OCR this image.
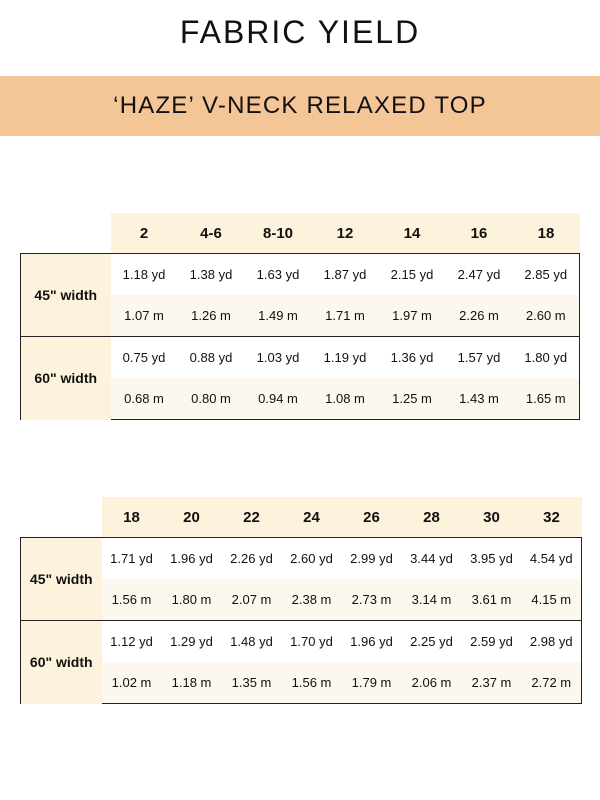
FABRIC YIELD
‘HAZE’ V-NECK RELAXED TOP
	2	4-6	8-10	12	14	16	18
45" width	1.18 yd	1.38 yd	1.63 yd	1.87 yd	2.15 yd	2.47 yd	2.85 yd
	1.07 m	1.26 m	1.49 m	1.71 m	1.97 m	2.26 m	2.60 m
60" width	0.75 yd	0.88 yd	1.03 yd	1.19 yd	1.36 yd	1.57 yd	1.80 yd
	0.68 m	0.80 m	0.94 m	1.08 m	1.25 m	1.43 m	1.65 m
	18	20	22	24	26	28	30	32
45" width	1.71 yd	1.96 yd	2.26 yd	2.60 yd	2.99 yd	3.44 yd	3.95 yd	4.54 yd
	1.56 m	1.80 m	2.07 m	2.38 m	2.73 m	3.14 m	3.61 m	4.15 m
60" width	1.12 yd	1.29 yd	1.48 yd	1.70 yd	1.96 yd	2.25 yd	2.59 yd	2.98 yd
	1.02 m	1.18 m	1.35 m	1.56 m	1.79 m	2.06 m	2.37 m	2.72 m
